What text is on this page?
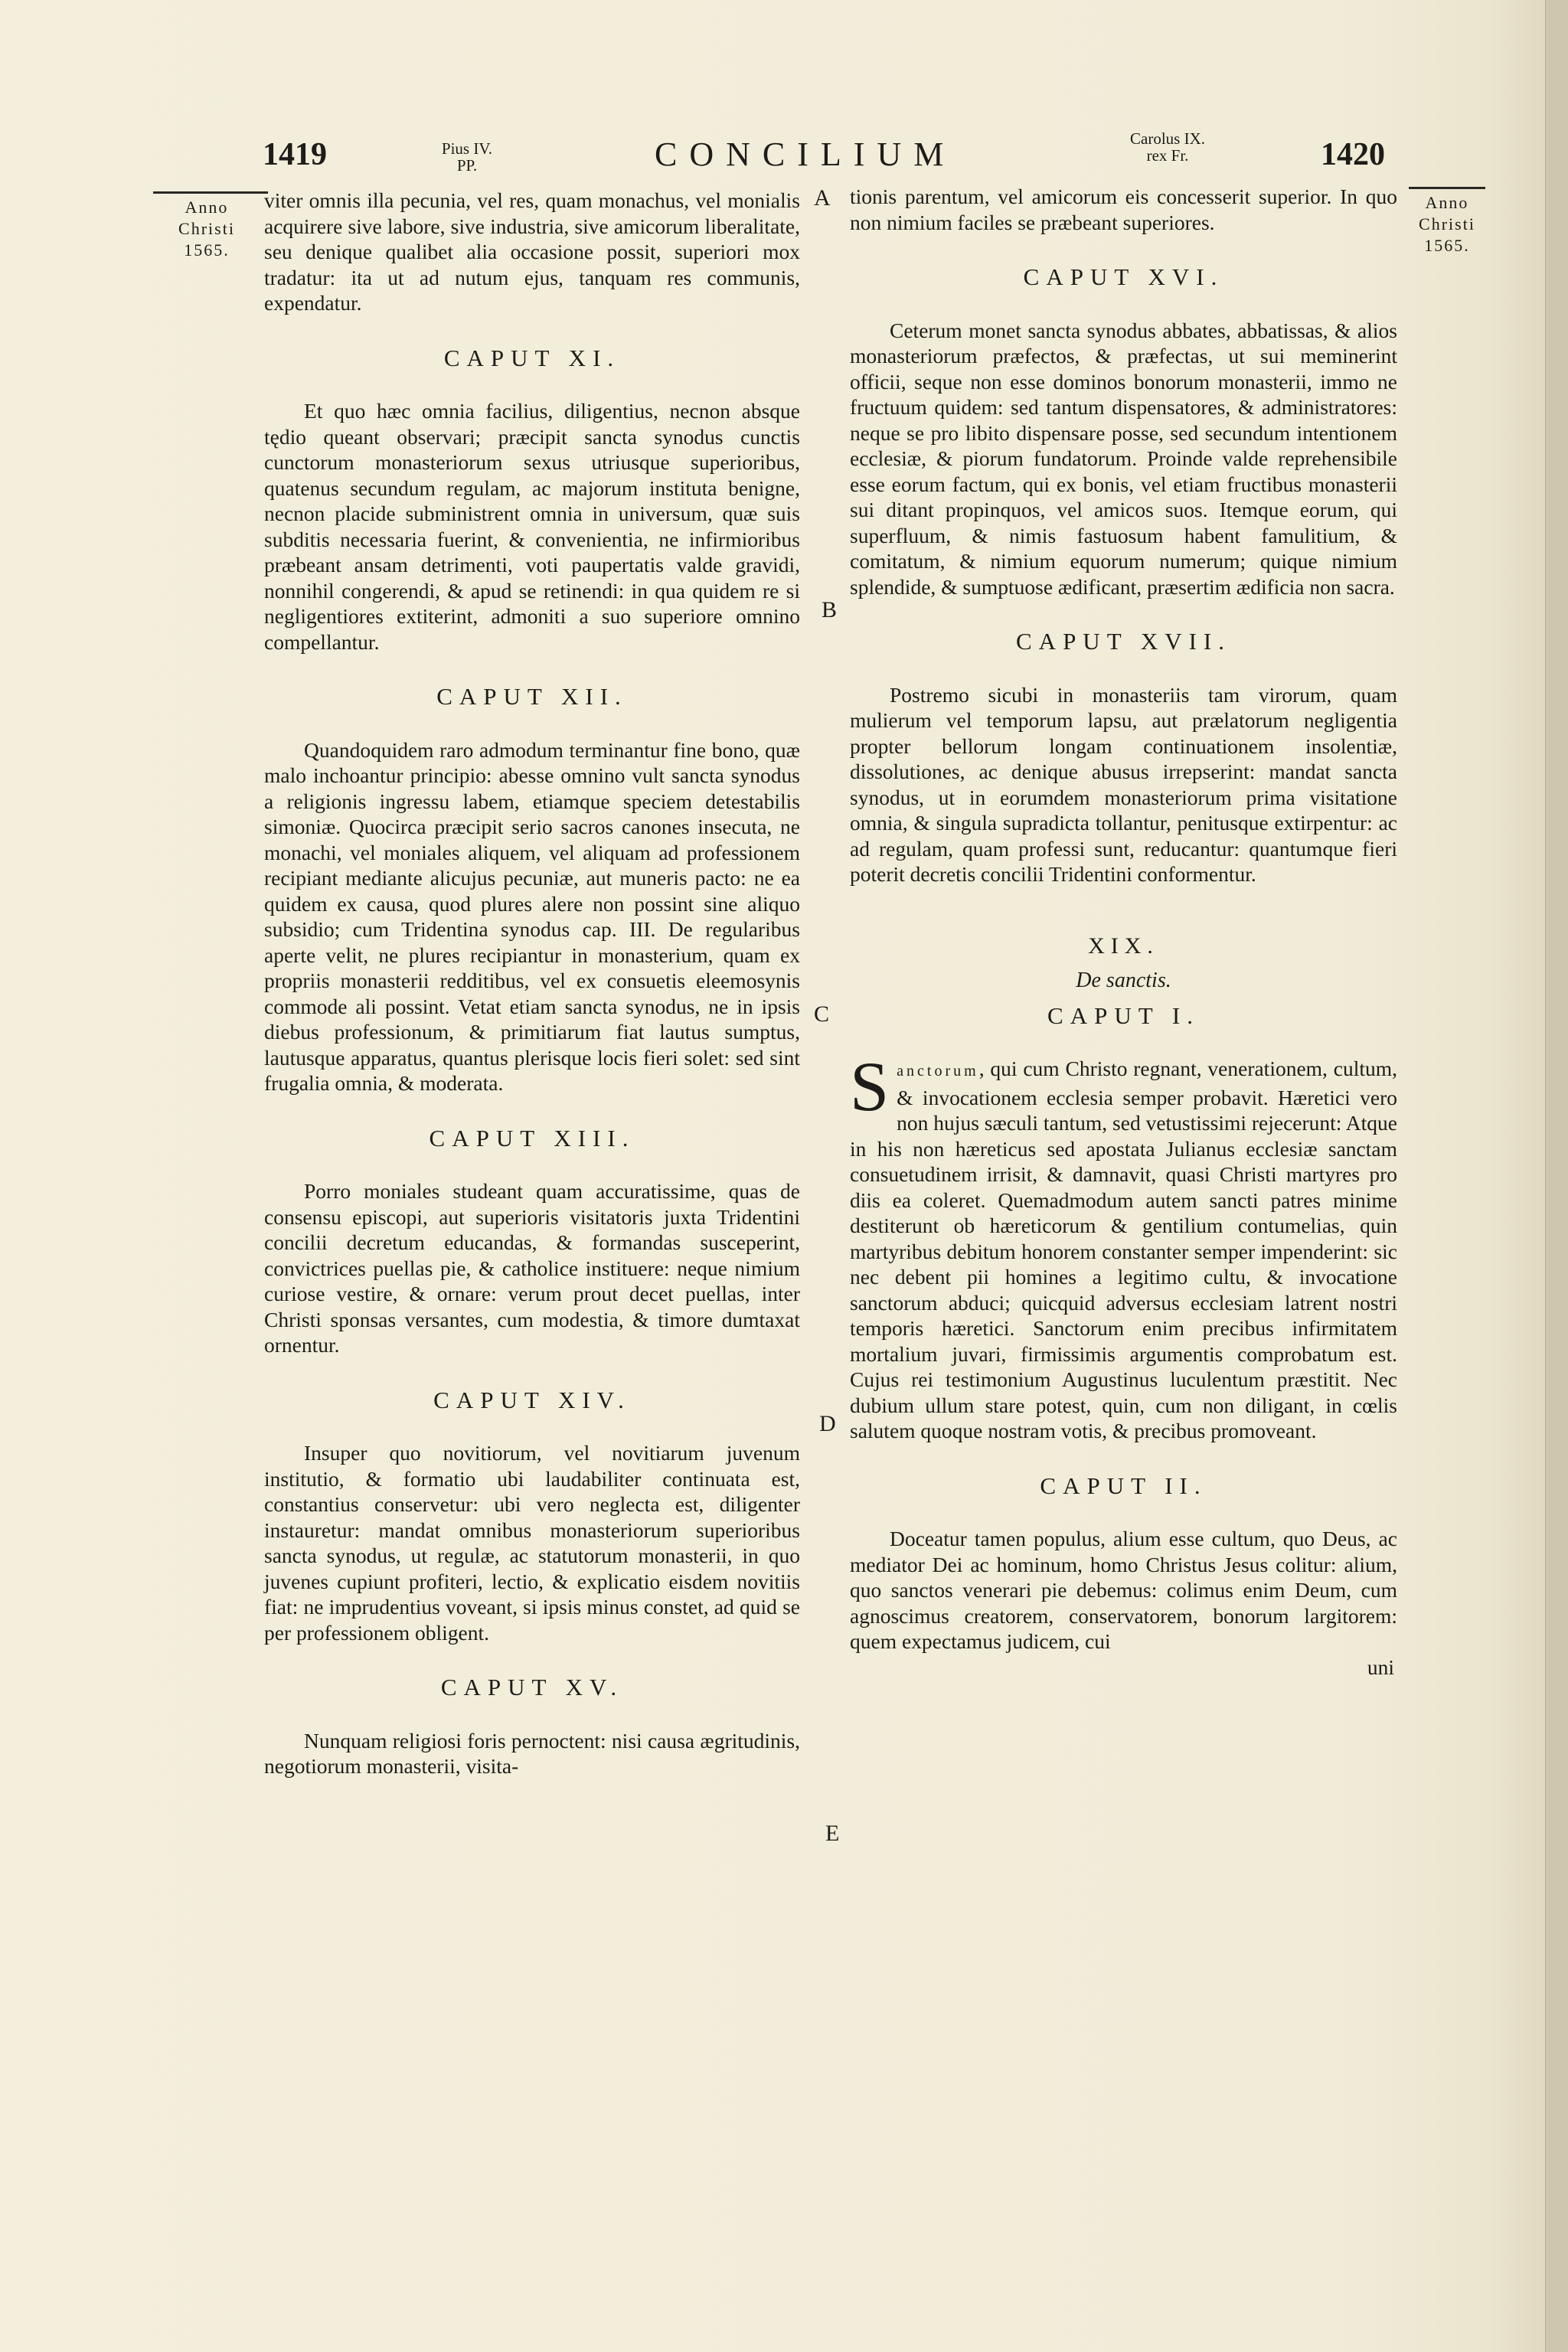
1419	Pius IV.
PP.	CONCILIUM	Carolus IX.
rex Fr.	1420
Anno
Christi
1565.
Anno
Christi
1565.
A
B
C
D
E

viter omnis illa pecunia, vel res, quam monachus, vel monialis acquirere sive labore, sive industria, sive amicorum liberalitate, seu denique qualibet alia occasione possit, superiori mox tradatur: ita ut ad nutum ejus, tanquam res communis, expendatur.

CAPUT XI.

Et quo hæc omnia facilius, diligentius, necnon absque tędio queant observari; præcipit sancta synodus cunctis cunctorum monasteriorum sexus utriusque superioribus, quatenus secundum regulam, ac majorum instituta benigne, necnon placide subministrent omnia in universum, quæ suis subditis necessaria fuerint, & convenientia, ne infirmioribus præbeant ansam detrimenti, voti paupertatis valde gravidi, nonnihil congerendi, & apud se retinendi: in qua quidem re si negligentiores extiterint, admoniti a suo superiore omnino compellantur.

CAPUT XII.

Quandoquidem raro admodum terminantur fine bono, quæ malo inchoantur principio: abesse omnino vult sancta synodus a religionis ingressu labem, etiamque speciem detestabilis simoniæ. Quocirca præcipit serio sacros canones insecuta, ne monachi, vel moniales aliquem, vel aliquam ad professionem recipiant mediante alicujus pecuniæ, aut muneris pacto: ne ea quidem ex causa, quod plures alere non possint sine aliquo subsidio; cum Tridentina synodus cap. III. De regularibus aperte velit, ne plures recipiantur in monasterium, quam ex propriis monasterii redditibus, vel ex consuetis eleemosynis commode ali possint. Vetat etiam sancta synodus, ne in ipsis diebus professionum, & primitiarum fiat lautus sumptus, lautusque apparatus, quantus plerisque locis fieri solet: sed sint frugalia omnia, & moderata.

CAPUT XIII.

Porro moniales studeant quam accuratissime, quas de consensu episcopi, aut superioris visitatoris juxta Tridentini concilii decretum educandas, & formandas susceperint, convictrices puellas pie, & catholice instituere: neque nimium curiose vestire, & ornare: verum prout decet puellas, inter Christi sponsas versantes, cum modestia, & timore dumtaxat ornentur.

CAPUT XIV.

Insuper quo novitiorum, vel novitiarum juvenum institutio, & formatio ubi laudabiliter continuata est, constantius conservetur: ubi vero neglecta est, diligenter instauretur: mandat omnibus monasteriorum superioribus sancta synodus, ut regulæ, ac statutorum monasterii, in quo juvenes cupiunt profiteri, lectio, & explicatio eisdem novitiis fiat: ne imprudentius voveant, si ipsis minus constet, ad quid se per professionem obligent.

CAPUT XV.

Nunquam religiosi foris pernoctent: nisi causa ægritudinis, negotiorum monasterii, visita-

tionis parentum, vel amicorum eis concesserit superior. In quo non nimium faciles se præbeant superiores.

CAPUT XVI.

Ceterum monet sancta synodus abbates, abbatissas, & alios monasteriorum præfectos, & præfectas, ut sui meminerint officii, seque non esse dominos bonorum monasterii, immo ne fructuum quidem: sed tantum dispensatores, & administratores: neque se pro libito dispensare posse, sed secundum intentionem ecclesiæ, & piorum fundatorum. Proinde valde reprehensibile esse eorum factum, qui ex bonis, vel etiam fructibus monasterii sui ditant propinquos, vel amicos suos. Itemque eorum, qui superfluum, & nimis fastuosum habent famulitium, & comitatum, & nimium equorum numerum; quique nimium splendide, & sumptuose ædificant, præsertim ædificia non sacra.

CAPUT XVII.

Postremo sicubi in monasteriis tam virorum, quam mulierum vel temporum lapsu, aut prælatorum negligentia propter bellorum longam continuationem insolentiæ, dissolutiones, ac denique abusus irrepserint: mandat sancta synodus, ut in eorumdem monasteriorum prima visitatione omnia, & singula supradicta tollantur, penitusque extirpentur: ac ad regulam, quam professi sunt, reducantur: quantumque fieri poterit decretis concilii Tridentini conformentur.

XIX.
De sanctis.
CAPUT I.

Sanctorum, qui cum Christo regnant, venerationem, cultum, & invocationem ecclesia semper probavit. Hæretici vero non hujus sæculi tantum, sed vetustissimi rejecerunt: Atque in his non hæreticus sed apostata Julianus ecclesiæ sanctam consuetudinem irrisit, & damnavit, quasi Christi martyres pro diis ea coleret. Quemadmodum autem sancti patres minime destiterunt ob hæreticorum & gentilium contumelias, quin martyribus debitum honorem constanter semper impenderint: sic nec debent pii homines a legitimo cultu, & invocatione sanctorum abduci; quicquid adversus ecclesiam latrent nostri temporis hæretici. Sanctorum enim precibus infirmitatem mortalium juvari, firmissimis argumentis comprobatum est. Cujus rei testimonium Augustinus luculentum præstitit. Nec dubium ullum stare potest, quin, cum non diligant, in cœlis salutem quoque nostram votis, & precibus promoveant.

CAPUT II.

Doceatur tamen populus, alium esse cultum, quo Deus, ac mediator Dei ac hominum, homo Christus Jesus colitur: alium, quo sanctos venerari pie debemus: colimus enim Deum, cum agnoscimus creatorem, conservatorem, bonorum largitorem: quem expectamus judicem, cui

uni
